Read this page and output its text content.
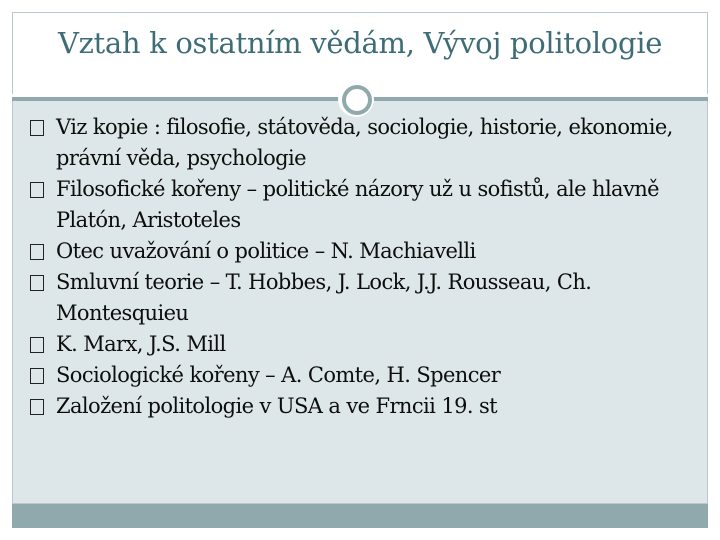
Vztah k ostatním vědám, Vývoj politologie
Viz kopie : filosofie, státověda, sociologie, historie, ekonomie, právní věda, psychologie
Filosofické kořeny – politické názory už u sofistů, ale hlavně Platón, Aristoteles
Otec uvažování o politice – N. Machiavelli
Smluvní teorie – T. Hobbes, J. Lock, J.J. Rousseau, Ch. Montesquieu
K. Marx, J.S. Mill
Sociologické kořeny – A. Comte, H. Spencer
Založení politologie v USA a ve Frncii 19. st
